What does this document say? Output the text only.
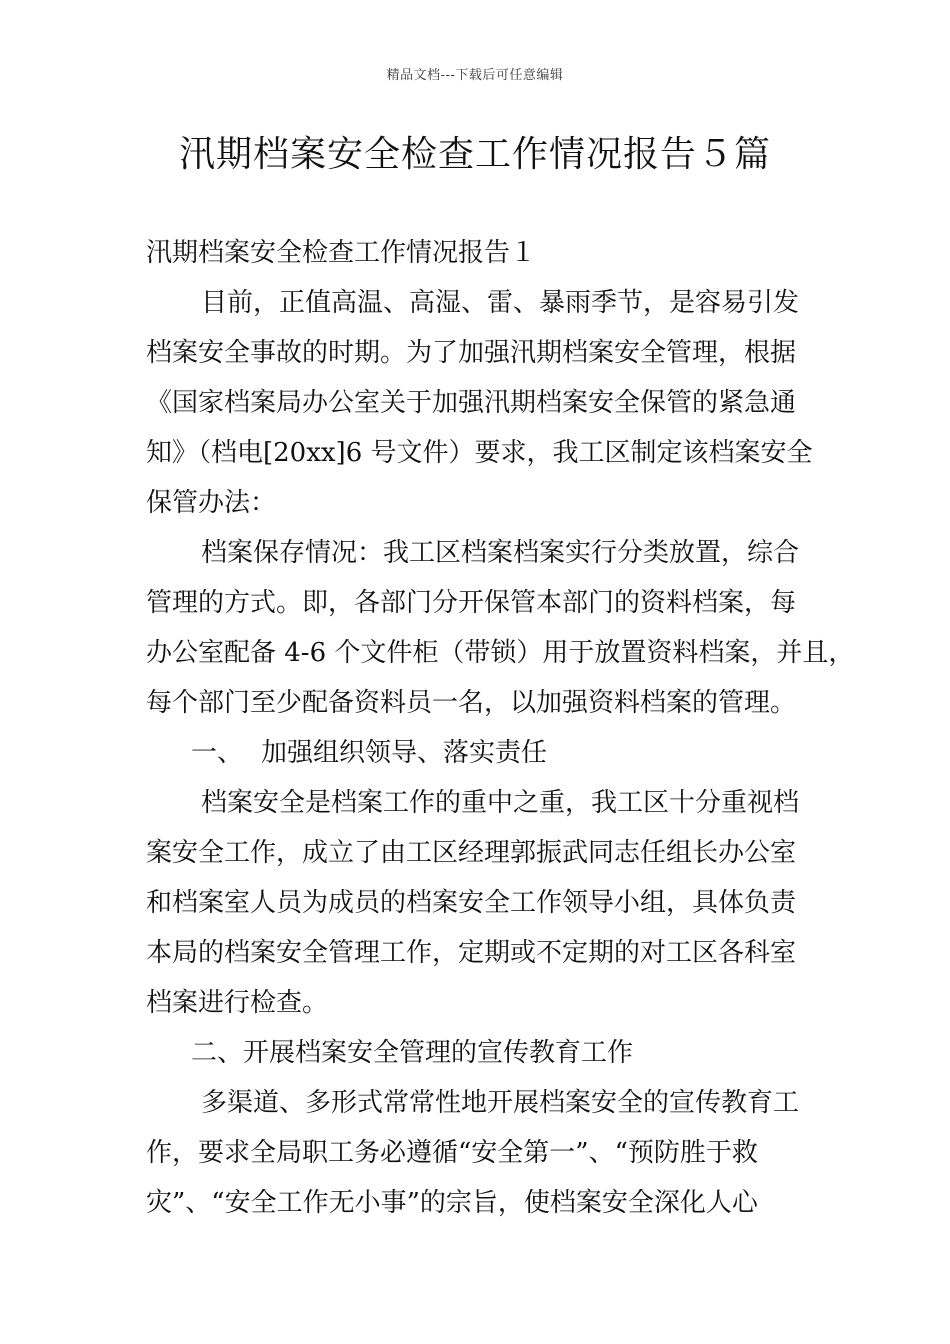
精品文档---下载后可任意编辑
汛期档案安全检查工作情况报告５篇
汛期档案安全检查工作情况报告１
目前，正值高温、高湿、雷、暴雨季节，是容易引发
档案安全事故的时期。为了加强汛期档案安全管理，根据
《国家档案局办公室关于加强汛期档案安全保管的紧急通
知》（档电[20xx]6 号文件）要求，我工区制定该档案安全
保管办法：
档案保存情况：我工区档案档案实行分类放置，综合
管理的方式。即，各部门分开保管本部门的资料档案，每
办公室配备 4-6 个文件柜（带锁）用于放置资料档案，并且，
每个部门至少配备资料员一名，以加强资料档案的管理。
一、 加强组织领导、落实责任
档案安全是档案工作的重中之重，我工区十分重视档
案安全工作，成立了由工区经理郭振武同志任组长办公室
和档案室人员为成员的档案安全工作领导小组，具体负责
本局的档案安全管理工作，定期或不定期的对工区各科室
档案进行检查。
二、开展档案安全管理的宣传教育工作
多渠道、多形式常常性地开展档案安全的宣传教育工
作，要求全局职工务必遵循“安全第一”、“预防胜于救
灾”、“安全工作无小事”的宗旨，使档案安全深化人心
